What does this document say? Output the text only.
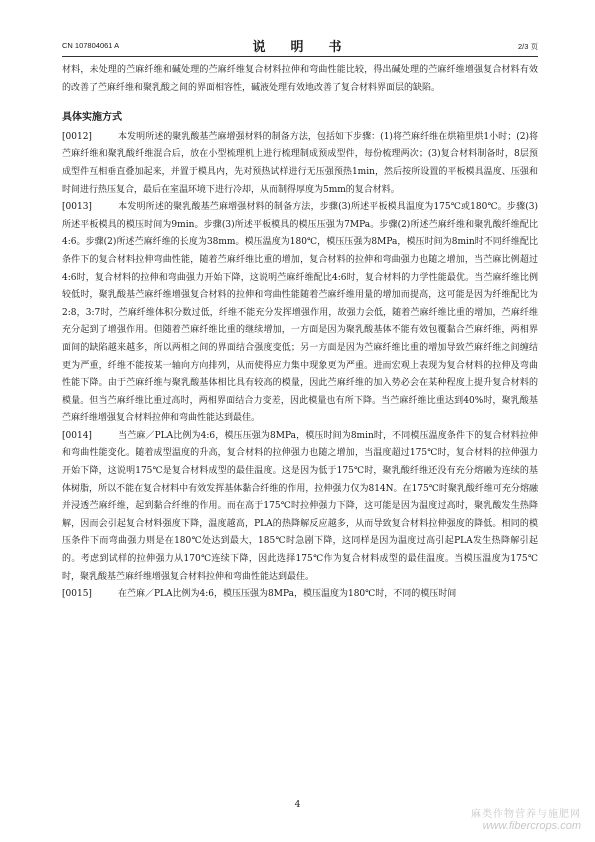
CN 107804061 A	说　明　书	2/3 页

材料，未处理的苎麻纤维和碱处理的苎麻纤维复合材料拉伸和弯曲性能比较，得出碱处理的苎麻纤维增强复合材料有效的改善了苎麻纤维和聚乳酸之间的界面相容性，碱液处理有效地改善了复合材料界面层的缺陷。

具体实施方式

[0012]	本发明所述的聚乳酸基苎麻增强材料的制备方法，包括如下步骤：(1)将苎麻纤维在烘箱里烘1小时；(2)将苎麻纤维和聚乳酸纤维混合后，放在小型梳理机上进行梳理制成预成型件，每份梳理两次；(3)复合材料制备时，8层预成型件互相垂直叠加起来，并置于模具内，先对预热试样进行无压强预热1min，然后按所设置的平板模具温度、压强和时间进行热压复合，最后在室温环境下进行冷却，从而制得厚度为5mm的复合材料。

[0013]	本发明所述的聚乳酸基苎麻增强材料的制备方法，步骤(3)所述平板模具温度为175℃或180℃。步骤(3)所述平板模具的模压时间为9min。步骤(3)所述平板模具的模压压强为7MPa。步骤(2)所述苎麻纤维和聚乳酸纤维配比4:6。步骤(2)所述苎麻纤维的长度为38mm。模压温度为180℃，模压压强为8MPa，模压时间为8min时不同纤维配比条件下的复合材料拉伸弯曲性能，随着苎麻纤维比重的增加，复合材料的拉伸和弯曲强力也随之增加，当苎麻比例超过4:6时，复合材料的拉伸和弯曲强力开始下降，这说明苎麻纤维配比4:6时，复合材料的力学性能最优。当苎麻纤维比例较低时，聚乳酸基苎麻纤维增强复合材料的拉伸和弯曲性能随着苎麻纤维用量的增加而提高，这可能是因为纤维配比为2:8，3:7时，苎麻纤维体积分数过低，纤维不能充分发挥增强作用，故强力会低，随着苎麻纤维比重的增加，苎麻纤维充分起到了增强作用。但随着苎麻纤维比重的继续增加，一方面是因为聚乳酸基体不能有效包覆黏合苎麻纤维，两相界面间的缺陷越来越多，所以两相之间的界面结合强度变低；另一方面是因为苎麻纤维比重的增加导致苎麻纤维之间缠结更为严重，纤维不能按某一轴向方向排列，从而使得应力集中现象更为严重。进而宏观上表现为复合材料的拉伸及弯曲性能下降。由于苎麻纤维与聚乳酸基体相比具有较高的模量，因此苎麻纤维的加入势必会在某种程度上提升复合材料的模量。但当苎麻纤维比重过高时，两相界面结合力变差，因此模量也有所下降。当苎麻纤维比重达到40%时，聚乳酸基苎麻纤维增强复合材料拉伸和弯曲性能达到最佳。

[0014]	当苎麻／PLA比例为4:6，模压压强为8MPa，模压时间为8min时，不同模压温度条件下的复合材料拉伸和弯曲性能变化。随着成型温度的升高，复合材料的拉伸强力也随之增加，当温度超过175℃时，复合材料的拉伸强力开始下降，这说明175℃是复合材料成型的最佳温度。这是因为低于175℃时，聚乳酸纤维还没有充分熔融为连续的基体树脂，所以不能在复合材料中有效发挥基体黏合纤维的作用，拉伸强力仅为814N。在175℃时聚乳酸纤维可充分熔融并浸透苎麻纤维，起到黏合纤维的作用。而在高于175℃时拉伸强力下降，这可能是因为温度过高时，聚乳酸发生热降解，因而会引起复合材料强度下降，温度越高，PLA的热降解反应越多，从而导致复合材料拉伸强度的降低。相同的模压条件下而弯曲强力则是在180℃处达到最大，185℃时急剧下降，这同样是因为温度过高引起PLA发生热降解引起的。考虑到试样的拉伸强力从170℃连续下降，因此选择175℃作为复合材料成型的最佳温度。当模压温度为175℃时，聚乳酸基苎麻纤维增强复合材料拉伸和弯曲性能达到最佳。

[0015]	在苎麻／PLA比例为4:6，模压压强为8MPa，模压温度为180℃时，不同的模压时间

4
麻类作物营养与施肥网
www.fibercrops.com
